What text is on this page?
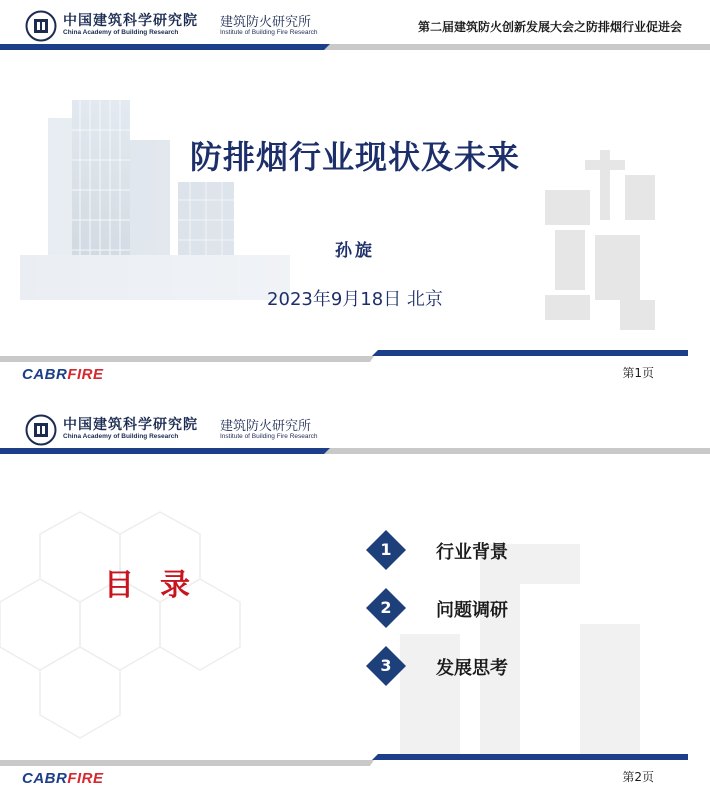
中国建筑科学研究院 建筑防火研究所
China Academy of Building Research	Institute of Building Fire Research	第二届建筑防火创新发展大会之防排烟行业促进会
防排烟行业现状及未来
孙旋
2023年9月18日 北京
CABRFIRE	第1页
中国建筑科学研究院 建筑防火研究所
China Academy of Building Research	Institute of Building Fire Research
目录
1	行业背景
2	问题调研
3	发展思考
CABRFIRE	第2页
